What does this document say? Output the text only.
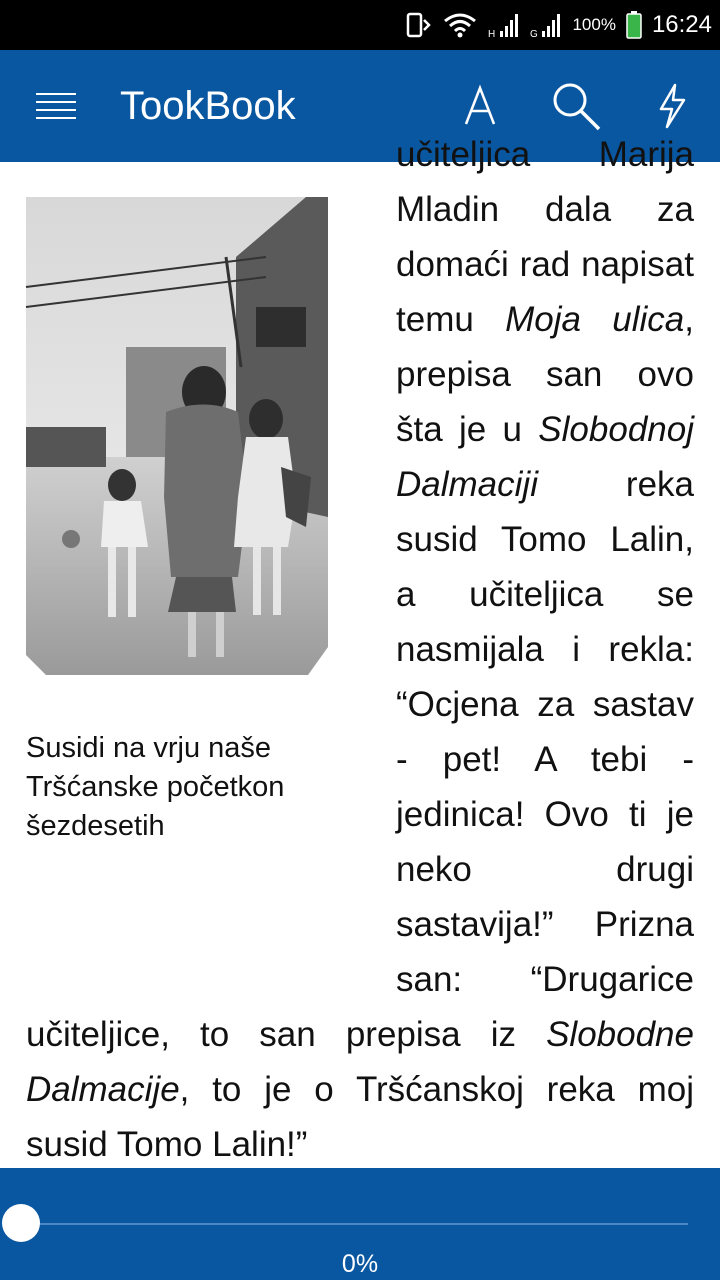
H	G
100% 16:24
TookBook

Susidi na vrju naše
Tršćanske početkon
šezdesetih
učiteljica Marija Mladin dala za domaći rad napisat temu Moja ulica, prepisa san ovo šta je u Slobodnoj Dalmaciji reka susid Tomo Lalin, a učiteljica se nasmijala i rekla: “Ocjena za sastav - pet! A tebi - jedinica! Ovo ti je neko drugi sastavija!” Prizna san: “Drugarice učiteljice, to san prepisa iz Slobodne Dalmacije, to je o Tršćanskoj reka moj susid Tomo Lalin!”

0%
